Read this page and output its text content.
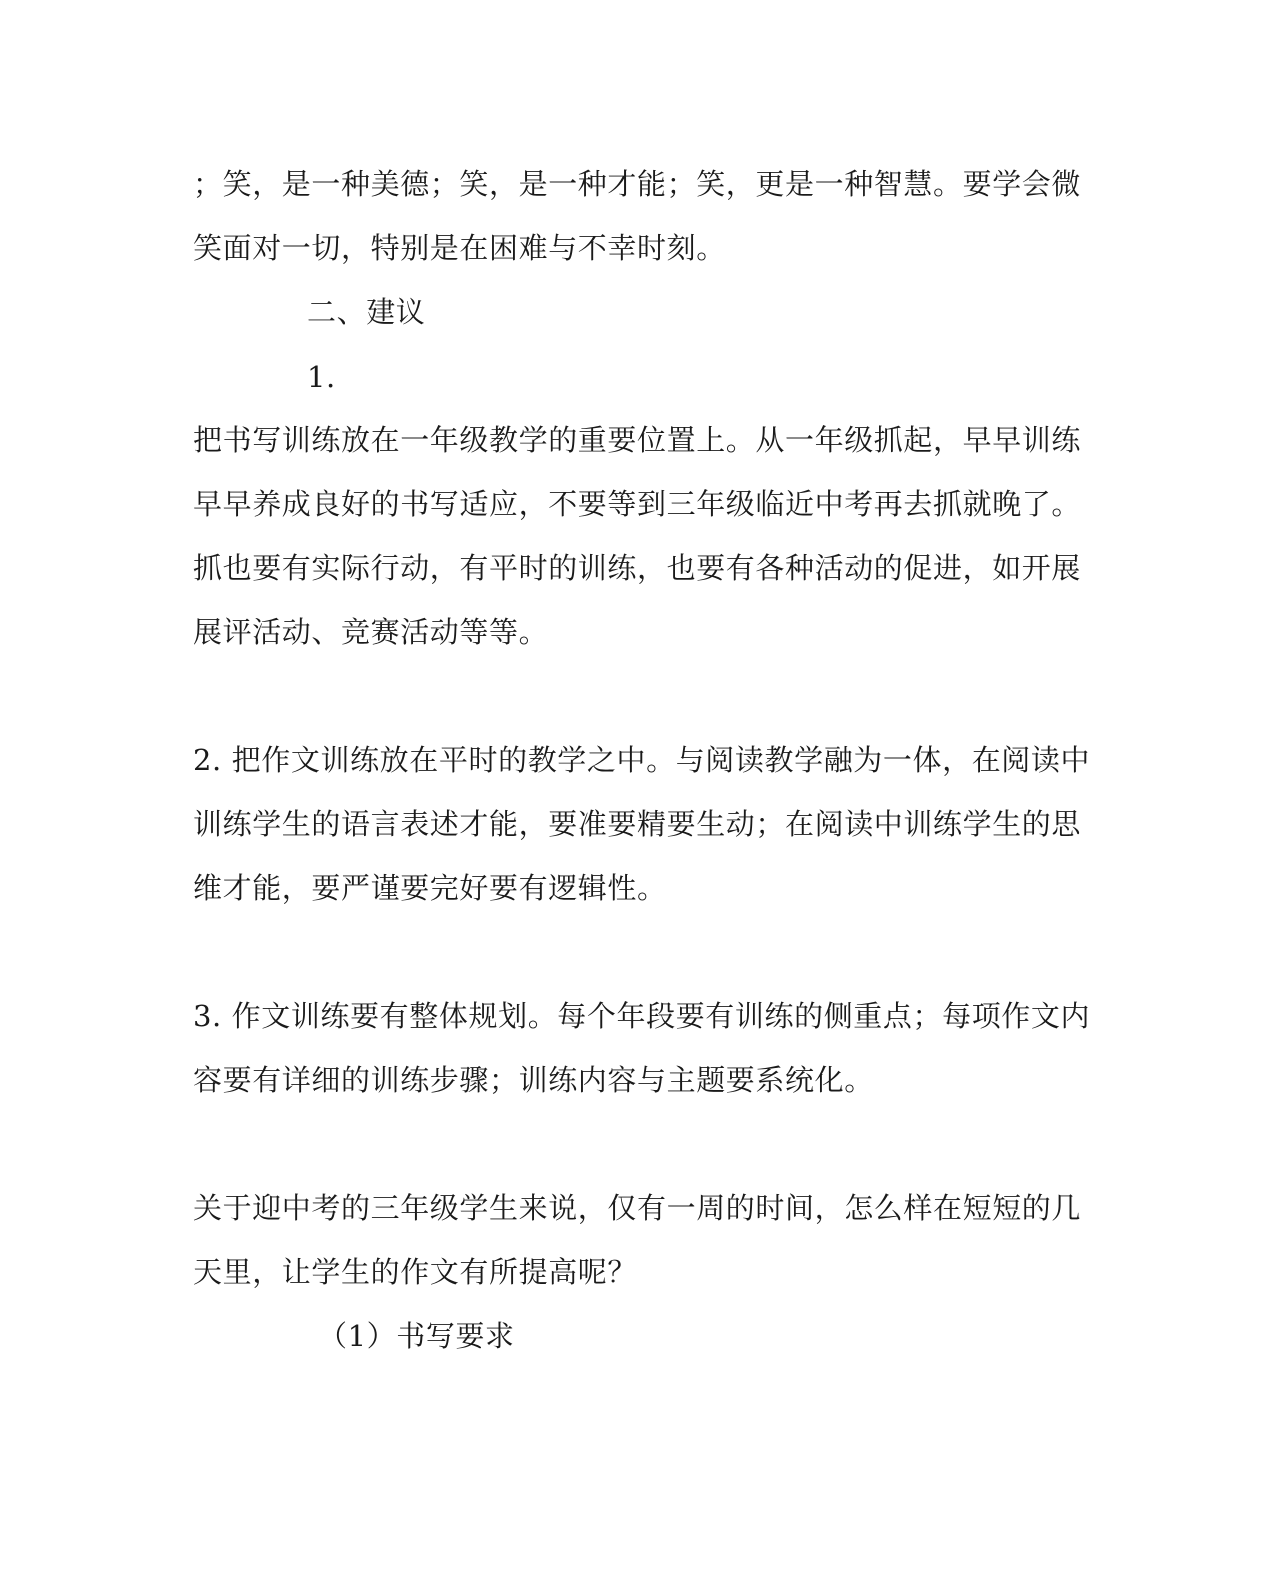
；笑，是一种美德；笑，是一种才能；笑，更是一种智慧。要学会微
笑面对一切，特别是在困难与不幸时刻。
二、建议
1.
把书写训练放在一年级教学的重要位置上。从一年级抓起，早早训练
早早养成良好的书写适应，不要等到三年级临近中考再去抓就晚了。
抓也要有实际行动，有平时的训练，也要有各种活动的促进，如开展
展评活动、竞赛活动等等。
2. 把作文训练放在平时的教学之中。与阅读教学融为一体，在阅读中
训练学生的语言表述才能，要准要精要生动；在阅读中训练学生的思
维才能，要严谨要完好要有逻辑性。
3. 作文训练要有整体规划。每个年段要有训练的侧重点；每项作文内
容要有详细的训练步骤；训练内容与主题要系统化。
关于迎中考的三年级学生来说，仅有一周的时间，怎么样在短短的几
天里，让学生的作文有所提高呢？
（1）书写要求
